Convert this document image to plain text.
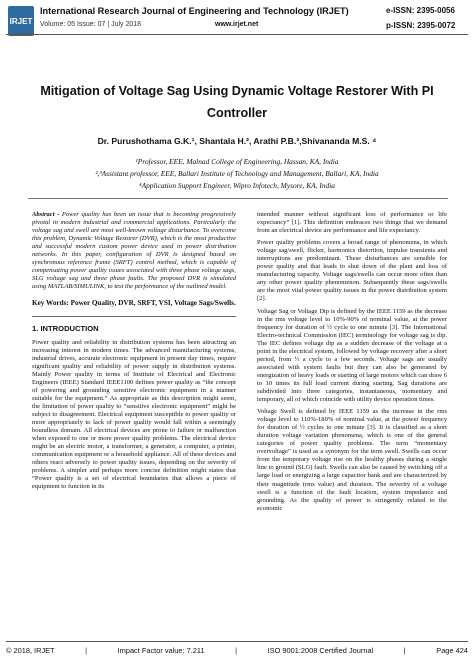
IRJET
International Research Journal of Engineering and Technology (IRJET)	e-ISSN: 2395-0056
Volume: 05 Issue: 07 | July 2018	www.irjet.net	p-ISSN: 2395-0072
Mitigation of Voltage Sag Using Dynamic Voltage Restorer With PI Controller
Dr. Purushothama G.K.¹, Shantala H.², Arathi P.B.³,Shivananda M.S. ⁴
¹Professor, EEE, Malnad College of Engineering, Hassan, KA, India
²,³Assistant professor, EEE, Ballari Institute of Technology and Management, Ballari, KA, India
⁴Application Support Engineer, Wipro Infotech, Mysore, KA, India

Abstract - Power quality has been an issue that is becoming progressively pivotal in modern industrial and commercial applications. Particularly the voltage sag and swell are most well-known voltage disturbance. To overcome this problem, Dynamic Voltage Restorer (DVR), which is the most productive and successful modern custom power device used in power distribution networks. In this paper, configuration of DVR is designed based on synchronous reference frame (SRFT) control method, which is capable of compensating power quality issues associated with three phase voltage sags, SLG voltage sag and three phase faults. The proposed DVR is simulated using MATLAB/SIMULINK, to test the performance of the outlined model.

Key Words: Power Quality, DVR, SRFT, VSI, Voltage Sags/Swells.

1. INTRODUCTION

Power quality and reliability in distribution systems has been attracting an increasing interest in modern times. The advanced manufacturing systems, industrial drives, accurate electronic equipment in present day times, require significant quality and reliability of power supply in distribution systems. Mainly Power quality in terms of Institute of Electrical and Electronic Engineers (IEEE) Standard IEEE1100 defines power quality as “the concept of powering and grounding sensitive electronic equipment in a manner suitable for the equipment.” As appropriate as this description might seem, the limitation of power quality to “sensitive electronic equipment” might be subject to disagreement. Electrical equipment susceptible to power quality or more appropriately to lack of power quality would fall within a seemingly boundless domain. All electrical devices are prone to failure or malfunction when exposed to one or more power quality problems. The electrical device might be an electric motor, a transformer, a generator, a computer, a printer, communication equipment or a household appliance. All of these devices and others react adversely to power quality issues, depending on the severity of problems. A simpler and perhaps more concise definition might states that “Power quality is a set of electrical boundaries that allows a piece of equipment to function in its

intended manner without significant loss of performance or life expectancy” [1]. This definition embraces two things that we demand from an electrical device are performance and life expectancy.

Power quality problems covers a broad range of phenomena, in which voltage sag/swell, flicker, harmonics distortion, impulse transients and interruptions are predominant. These disturbances are sensible for power quality and that leads to shut down of the plant and loss of manufacturing capacity. Voltage sags/swells can occur more often than any other power quality phenomenon. Subsequently these sags/swells are the most vital power quality issues in the power distribution system [2].

Voltage Sag or Voltage Dip is defined by the IEEE 1159 as the decrease in the rms voltage level to 10%-90% of nominal value, at the power frequency for duration of ½ cycle to one minute [3]. The International Electro-technical Commission (IEC) terminology for voltage sag is dip. The IEC defines voltage dip as a sudden decrease of the voltage at a point in the electrical system, followed by voltage recovery after a short period, from ½ a cycle to a few seconds. Voltage sags are usually associated with system faults but they can also be generated by energization of heavy loads or starting of large motors which can draw 6 to 10 times its full load current during starting. Sag durations are subdivided into three categories, instantaneous, momentary and temporary, all of which coincide with utility device operation times.

Voltage Swell is defined by IEEE 1159 as the increase in the rms voltage level to 110%-180% of nominal value, at the power frequency for duration of ½ cycles to one minute [3]. It is classified as a short duration voltage variation phenomena, which is one of the general categories of power quality problems. The term “momentary overvoltage” is used as a synonym for the term swell. Swells can occur from the temporary voltage rise on the healthy phases during a single line to ground (SLG) fault. Swells can also be caused by switching off a large load or energizing a large capacitor bank and are characterized by their magnitude (rms value) and duration. The severity of a voltage swell is a function of the fault location, system impedance and grounding. As the quality of power is stringently related to the economic

© 2018, IRJET	|	Impact Factor value: 7.211	|	ISO 9001:2008 Certified Journal	|	Page 424
